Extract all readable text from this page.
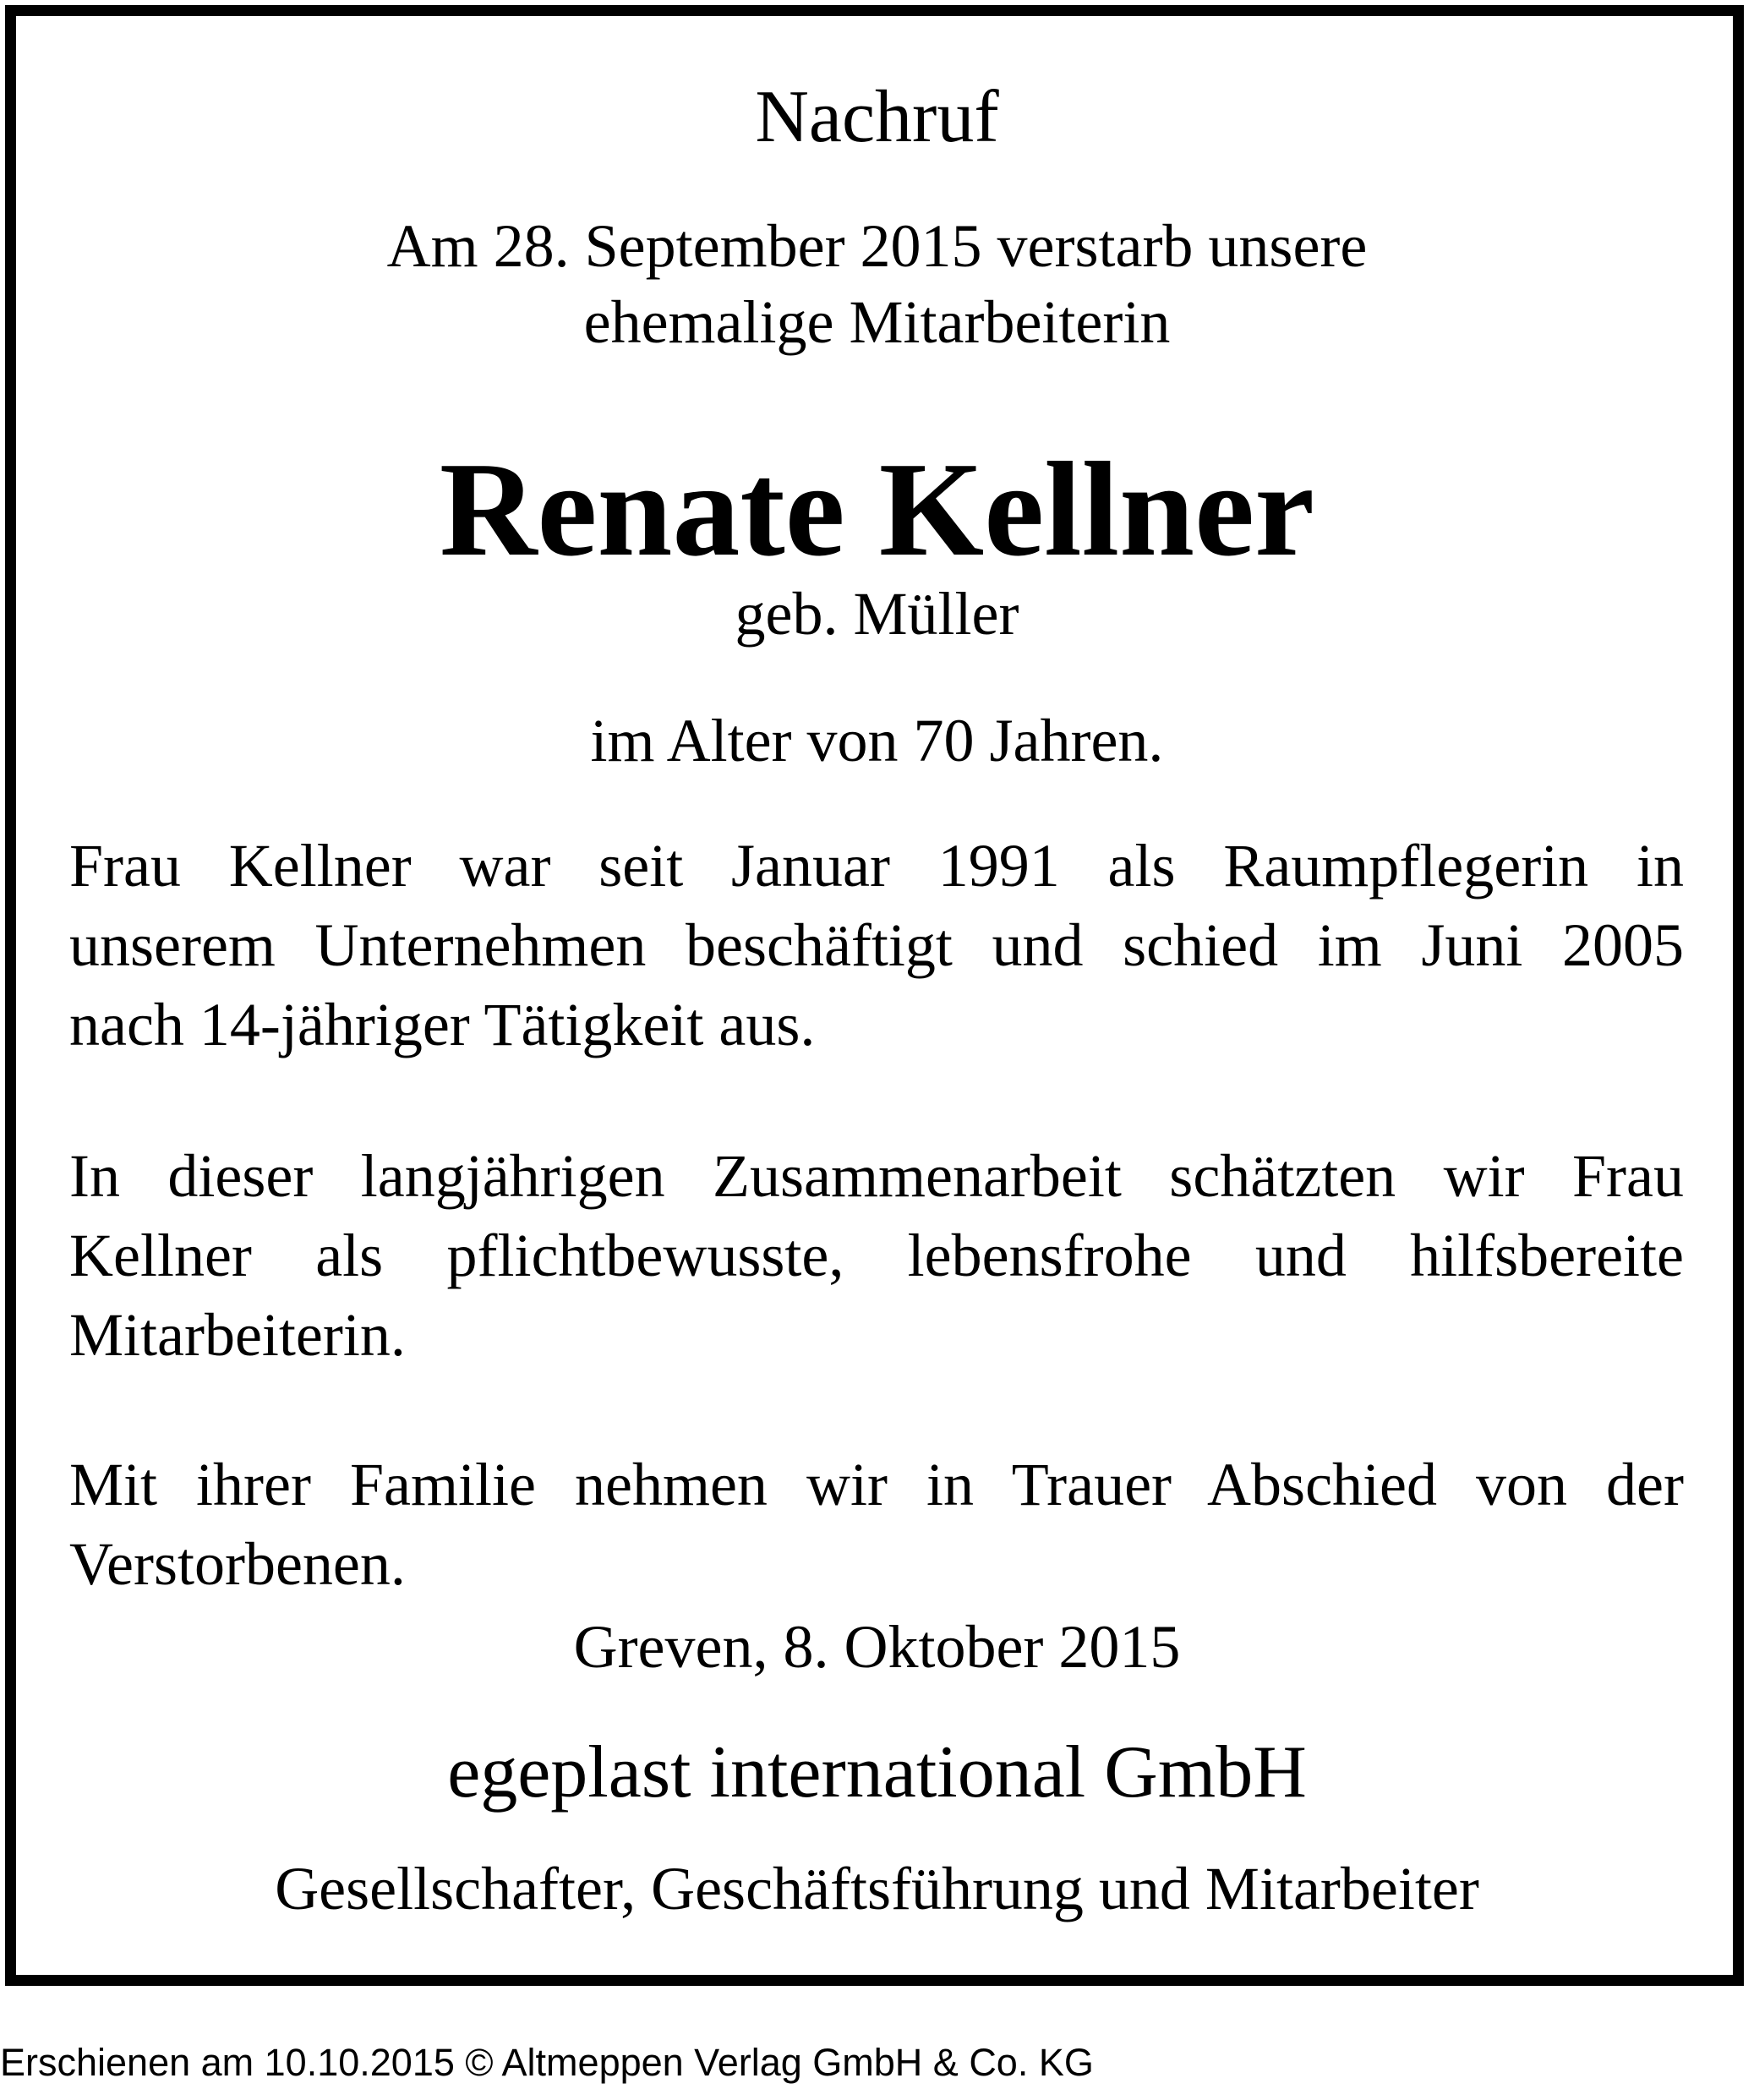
Nachruf
Am 28. September 2015 verstarb unsere
ehemalige Mitarbeiterin
Renate Kellner
geb. Müller
im Alter von 70 Jahren.
Frau Kellner war seit Januar 1991 als Raumpflegerin in
unserem Unternehmen beschäftigt und schied im Juni 2005
nach 14-jähriger Tätigkeit aus.
In dieser langjährigen Zusammenarbeit schätzten wir Frau
Kellner als pflichtbewusste, lebensfrohe und hilfsbereite
Mitarbeiterin.
Mit ihrer Familie nehmen wir in Trauer Abschied von der
Verstorbenen.
Greven, 8. Oktober 2015
egeplast international GmbH
Gesellschafter, Geschäftsführung und Mitarbeiter
Erschienen am 10.10.2015 © Altmeppen Verlag GmbH & Co. KG
